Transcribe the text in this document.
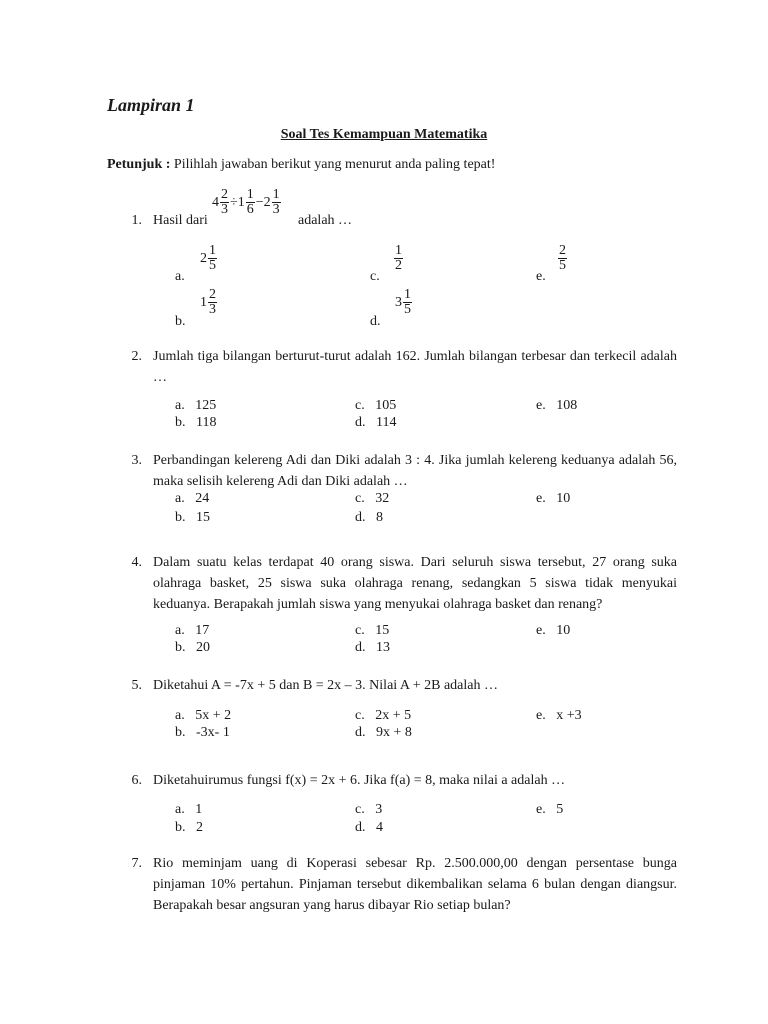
Lampiran 1
Soal Tes Kemampuan Matematika
Petunjuk : Pilihlah jawaban berikut yang menurut anda paling tepat!
1. Hasil dari
$4 \frac{2}{3} \div 1 \frac{1}{6} - 2 \frac{1}{3}$
adalah …
a.
$2 \frac{1}{5}$
b.
$1 \frac{2}{3}$
c.
$\frac{1}{2}$
d.
$3 \frac{1}{5}$
e.
$\frac{2}{5}$
2. Jumlah tiga bilangan berturut-turut adalah 162. Jumlah bilangan terbesar dan terkecil adalah …
a. 125
b. 118
c. 105
d. 114
e. 108
3. Perbandingan kelereng Adi dan Diki adalah 3 : 4. Jika jumlah kelereng keduanya adalah 56, maka selisih kelereng Adi dan Diki adalah …
a. 24
b. 15
c. 32
d. 8
e. 10
4. Dalam suatu kelas terdapat 40 orang siswa. Dari seluruh siswa tersebut, 27 orang suka olahraga basket, 25 siswa suka olahraga renang, sedangkan 5 siswa tidak menyukai keduanya. Berapakah jumlah siswa yang menyukai olahraga basket dan renang?
a. 17
b. 20
c. 15
d. 13
e. 10
5. Diketahui A = -7x + 5 dan B = 2x – 3. Nilai A + 2B adalah …
a. 5x + 2
b. -3x- 1
c. 2x + 5
d. 9x + 8
e. x +3
6. Diketahuirumus fungsi f(x) = 2x + 6. Jika f(a) = 8, maka nilai a adalah …
a. 1
b. 2
c. 3
d. 4
e. 5
7. Rio meminjam uang di Koperasi sebesar Rp. 2.500.000,00 dengan persentase bunga pinjaman 10% pertahun. Pinjaman tersebut dikembalikan selama 6 bulan dengan diangsur. Berapakah besar angsuran yang harus dibayar Rio setiap bulan?
